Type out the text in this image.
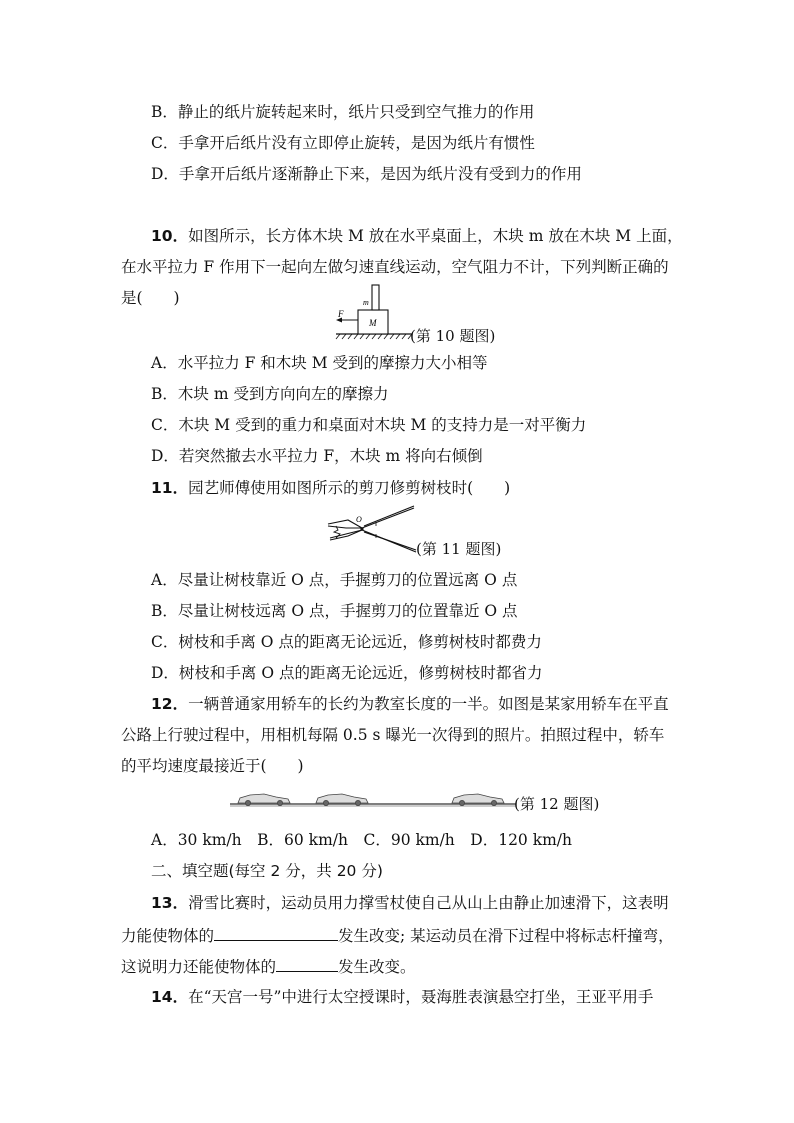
B．静止的纸片旋转起来时，纸片只受到空气推力的作用
C．手拿开后纸片没有立即停止旋转，是因为纸片有惯性
D．手拿开后纸片逐渐静止下来，是因为纸片没有受到力的作用
10．如图所示，长方体木块 M 放在水平桌面上，木块 m 放在木块 M 上面，
在水平拉力 F 作用下一起向左做匀速直线运动，空气阻力不计，下列判断正确的
是(　　)
F
M
m
(第 10 题图)
A．水平拉力 F 和木块 M 受到的摩擦力大小相等
B．木块 m 受到方向向左的摩擦力
C．木块 M 受到的重力和桌面对木块 M 的支持力是一对平衡力
D．若突然撤去水平拉力 F，木块 m 将向右倾倒
11．园艺师傅使用如图所示的剪刀修剪树枝时(　　)
O
(第 11 题图)
A．尽量让树枝靠近 O 点，手握剪刀的位置远离 O 点
B．尽量让树枝远离 O 点，手握剪刀的位置靠近 O 点
C．树枝和手离 O 点的距离无论远近，修剪树枝时都费力
D．树枝和手离 O 点的距离无论远近，修剪树枝时都省力
12．一辆普通家用轿车的长约为教室长度的一半。如图是某家用轿车在平直
公路上行驶过程中，用相机每隔 0.5 s 曝光一次得到的照片。拍照过程中，轿车
的平均速度最接近于(　　)
(第 12 题图)
A．30 km/h　B．60 km/h　C．90 km/h　D．120 km/h
二、填空题(每空 2 分，共 20 分)
13．滑雪比赛时，运动员用力撑雪杖使自己从山上由静止加速滑下，这表明
力能使物体的	发生改变; 某运动员在滑下过程中将标志杆撞弯，
这说明力还能使物体的	发生改变。
14．在“天宫一号”中进行太空授课时，聂海胜表演悬空打坐，王亚平用手
